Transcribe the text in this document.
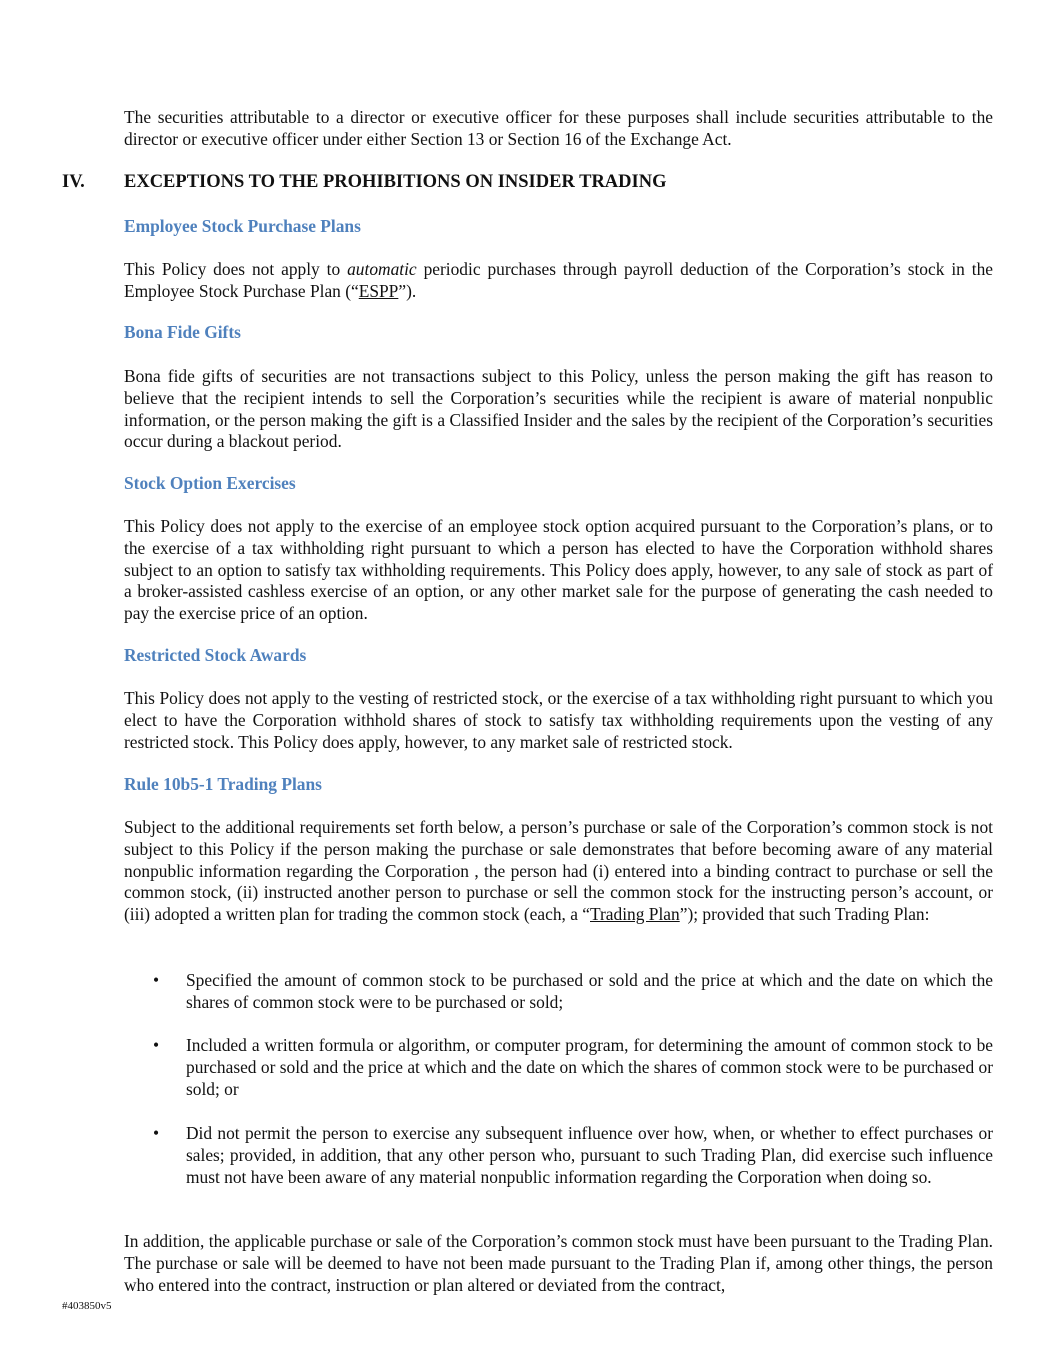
The securities attributable to a director or executive officer for these purposes shall include securities attributable to the director or executive officer under either Section 13 or Section 16 of the Exchange Act.

IV. EXCEPTIONS TO THE PROHIBITIONS ON INSIDER TRADING
Employee Stock Purchase Plans

This Policy does not apply to automatic periodic purchases through payroll deduction of the Corporation’s stock in the Employee Stock Purchase Plan (“ESPP”).

Bona Fide Gifts

Bona fide gifts of securities are not transactions subject to this Policy, unless the person making the gift has reason to believe that the recipient intends to sell the Corporation’s securities while the recipient is aware of material nonpublic information, or the person making the gift is a Classified Insider and the sales by the recipient of the Corporation’s securities occur during a blackout period.

Stock Option Exercises

This Policy does not apply to the exercise of an employee stock option acquired pursuant to the Corporation’s plans, or to the exercise of a tax withholding right pursuant to which a person has elected to have the Corporation withhold shares subject to an option to satisfy tax withholding requirements. This Policy does apply, however, to any sale of stock as part of a broker-assisted cashless exercise of an option, or any other market sale for the purpose of generating the cash needed to pay the exercise price of an option.

Restricted Stock Awards

This Policy does not apply to the vesting of restricted stock, or the exercise of a tax withholding right pursuant to which you elect to have the Corporation withhold shares of stock to satisfy tax withholding requirements upon the vesting of any restricted stock. This Policy does apply, however, to any market sale of restricted stock.

Rule 10b5-1 Trading Plans

Subject to the additional requirements set forth below, a person’s purchase or sale of the Corporation’s common stock is not subject to this Policy if the person making the purchase or sale demonstrates that before becoming aware of any material nonpublic information regarding the Corporation , the person had (i) entered into a binding contract to purchase or sell the common stock, (ii) instructed another person to purchase or sell the common stock for the instructing person’s account, or (iii) adopted a written plan for trading the common stock (each, a “Trading Plan”); provided that such Trading Plan:

• Specified the amount of common stock to be purchased or sold and the price at which and the date on which the shares of common stock were to be purchased or sold;
• Included a written formula or algorithm, or computer program, for determining the amount of common stock to be purchased or sold and the price at which and the date on which the shares of common stock were to be purchased or sold; or
• Did not permit the person to exercise any subsequent influence over how, when, or whether to effect purchases or sales; provided, in addition, that any other person who, pursuant to such Trading Plan, did exercise such influence must not have been aware of any material nonpublic information regarding the Corporation when doing so.

In addition, the applicable purchase or sale of the Corporation’s common stock must have been pursuant to the Trading Plan. The purchase or sale will be deemed to have not been made pursuant to the Trading Plan if, among other things, the person who entered into the contract, instruction or plan altered or deviated from the contract,

#403850v5
